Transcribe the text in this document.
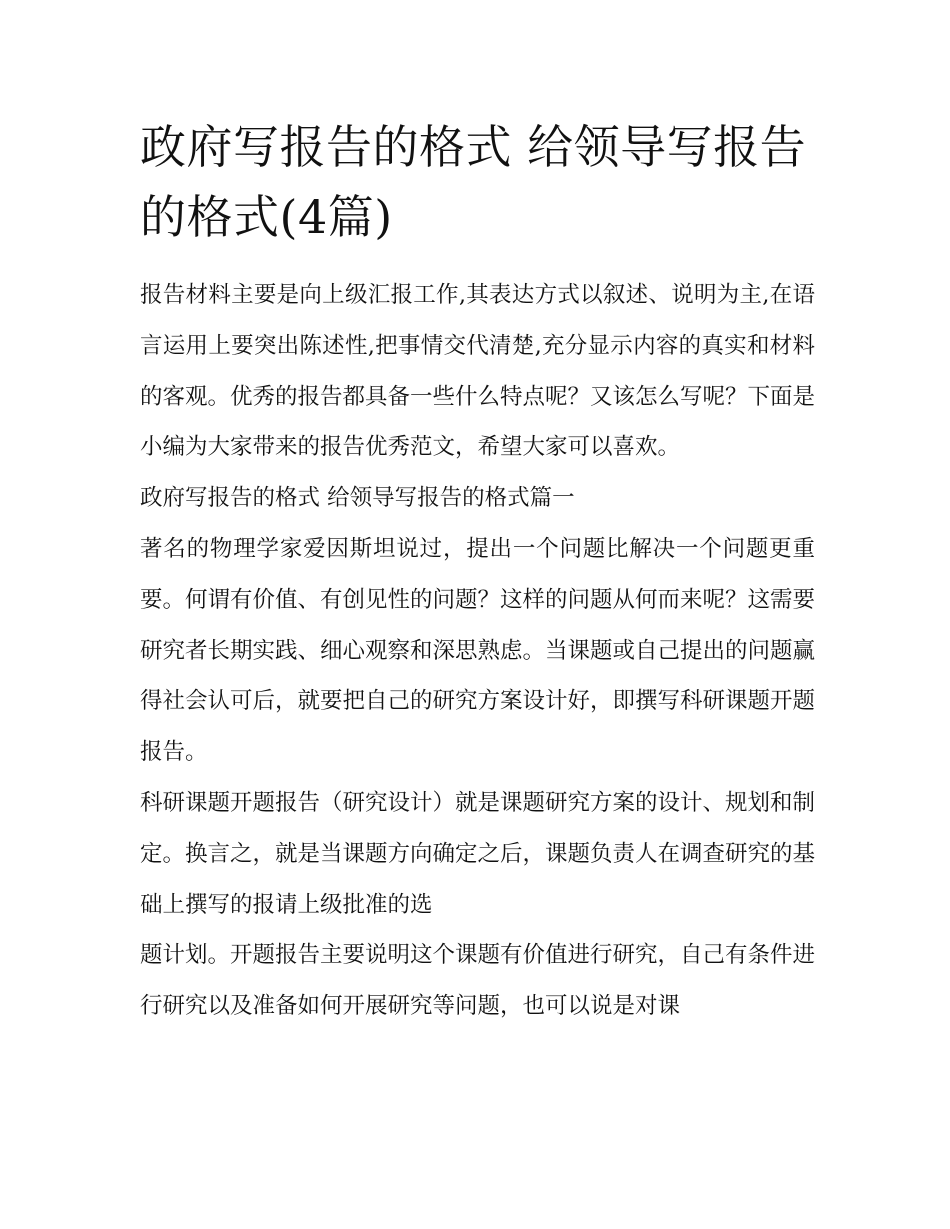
政府写报告的格式 给领导写报告的格式(4篇)

报告材料主要是向上级汇报工作,其表达方式以叙述、说明为主,在语言运用上要突出陈述性,把事情交代清楚,充分显示内容的真实和材料的客观。优秀的报告都具备一些什么特点呢？又该怎么写呢？下面是小编为大家带来的报告优秀范文，希望大家可以喜欢。

政府写报告的格式 给领导写报告的格式篇一

著名的物理学家爱因斯坦说过，提出一个问题比解决一个问题更重要。何谓有价值、有创见性的问题？这样的问题从何而来呢？这需要研究者长期实践、细心观察和深思熟虑。当课题或自己提出的问题赢得社会认可后，就要把自己的研究方案设计好，即撰写科研课题开题报告。

科研课题开题报告（研究设计）就是课题研究方案的设计、规划和制定。换言之，就是当课题方向确定之后，课题负责人在调查研究的基础上撰写的报请上级批准的选

题计划。开题报告主要说明这个课题有价值进行研究，自己有条件进行研究以及准备如何开展研究等问题，也可以说是对课
